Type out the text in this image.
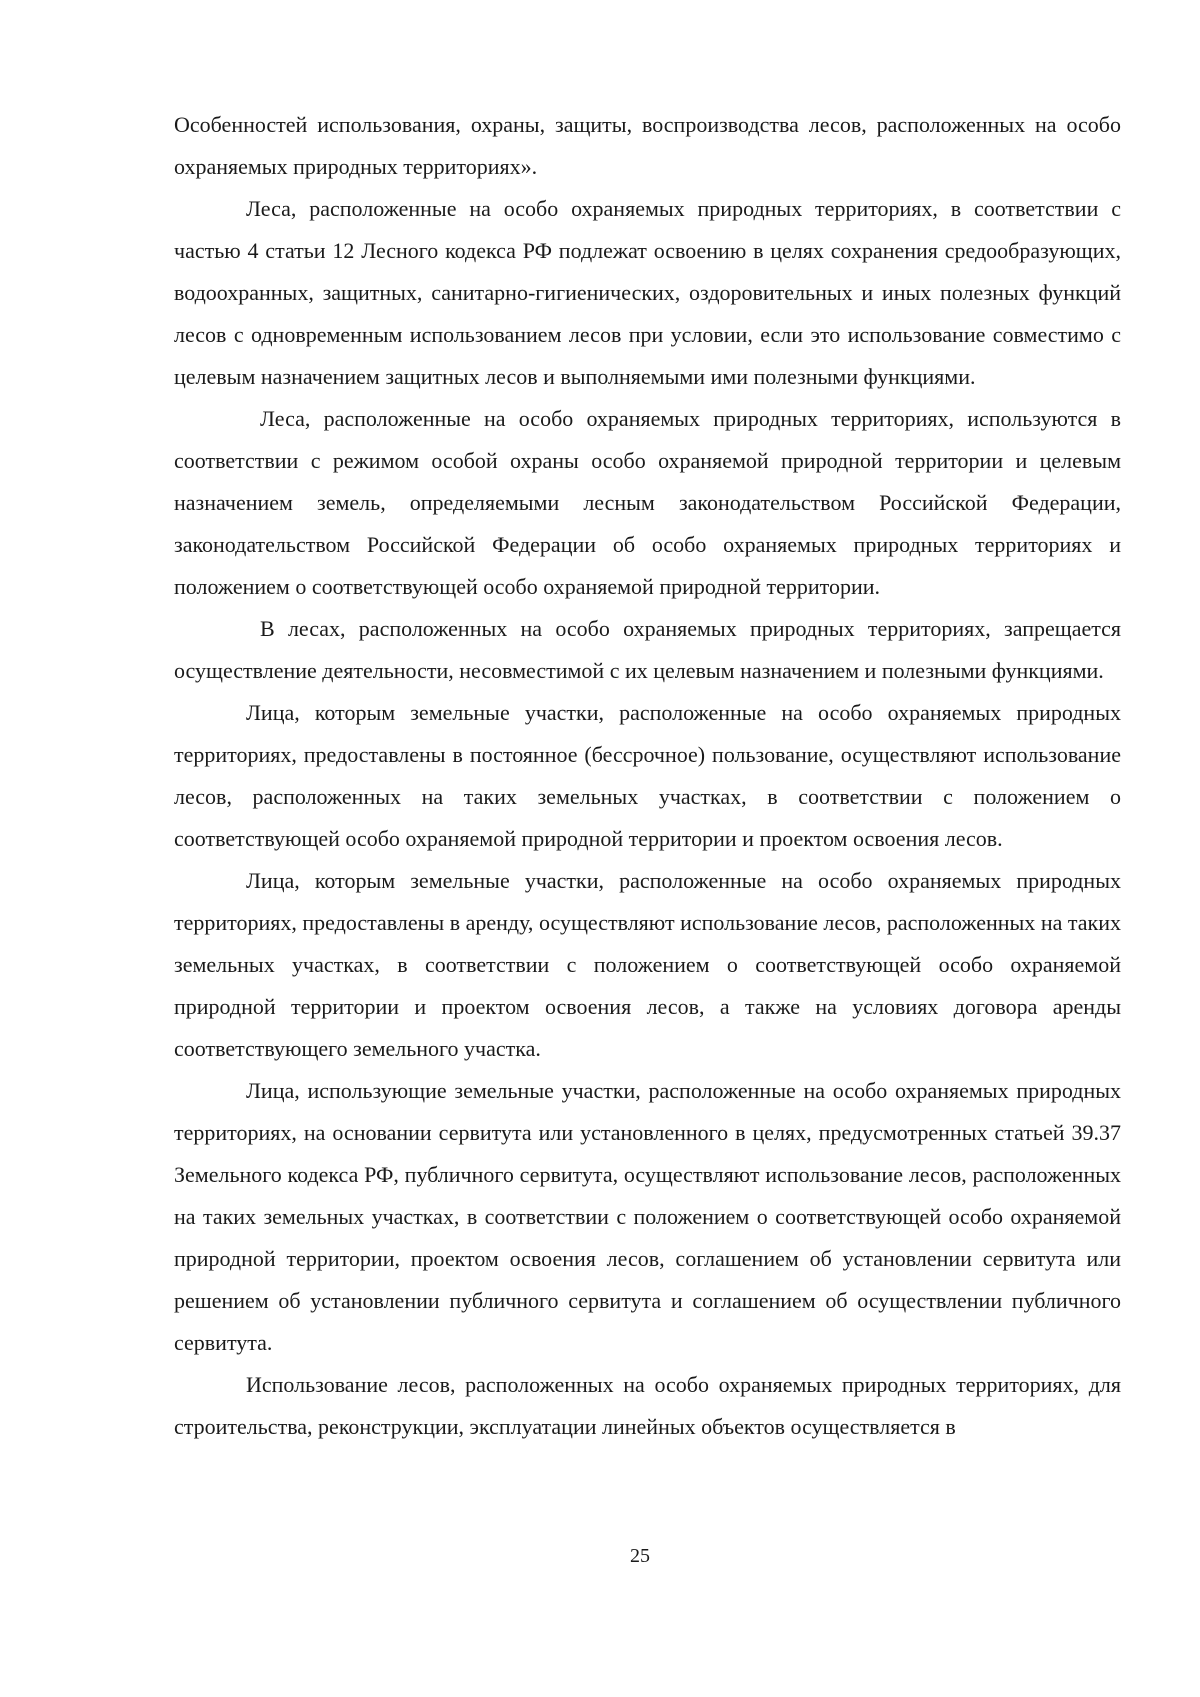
Особенностей использования, охраны, защиты, воспроизводства лесов, расположенных на особо охраняемых природных территориях».

Леса, расположенные на особо охраняемых природных территориях, в соответствии с частью 4 статьи 12 Лесного кодекса РФ подлежат освоению в целях сохранения средообразующих, водоохранных, защитных, санитарно-гигиенических, оздоровительных и иных полезных функций лесов с одновременным использованием лесов при условии, если это использование совместимо с целевым назначением защитных лесов и выполняемыми ими полезными функциями.

Леса, расположенные на особо охраняемых природных территориях, используются в соответствии с режимом особой охраны особо охраняемой природной территории и целевым назначением земель, определяемыми лесным законодательством Российской Федерации, законодательством Российской Федерации об особо охраняемых природных территориях и положением о соответствующей особо охраняемой природной территории.

В лесах, расположенных на особо охраняемых природных территориях, запрещается осуществление деятельности, несовместимой с их целевым назначением и полезными функциями.

Лица, которым земельные участки, расположенные на особо охраняемых природных территориях, предоставлены в постоянное (бессрочное) пользование, осуществляют использование лесов, расположенных на таких земельных участках, в соответствии с положением о соответствующей особо охраняемой природной территории и проектом освоения лесов.

Лица, которым земельные участки, расположенные на особо охраняемых природных территориях, предоставлены в аренду, осуществляют использование лесов, расположенных на таких земельных участках, в соответствии с положением о соответствующей особо охраняемой природной территории и проектом освоения лесов, а также на условиях договора аренды соответствующего земельного участка.

Лица, использующие земельные участки, расположенные на особо охраняемых природных территориях, на основании сервитута или установленного в целях, предусмотренных статьей 39.37 Земельного кодекса РФ, публичного сервитута, осуществляют использование лесов, расположенных на таких земельных участках, в соответствии с положением о соответствующей особо охраняемой природной территории, проектом освоения лесов, соглашением об установлении сервитута или решением об установлении публичного сервитута и соглашением об осуществлении публичного сервитута.

Использование лесов, расположенных на особо охраняемых природных территориях, для строительства, реконструкции, эксплуатации линейных объектов осуществляется в

25
